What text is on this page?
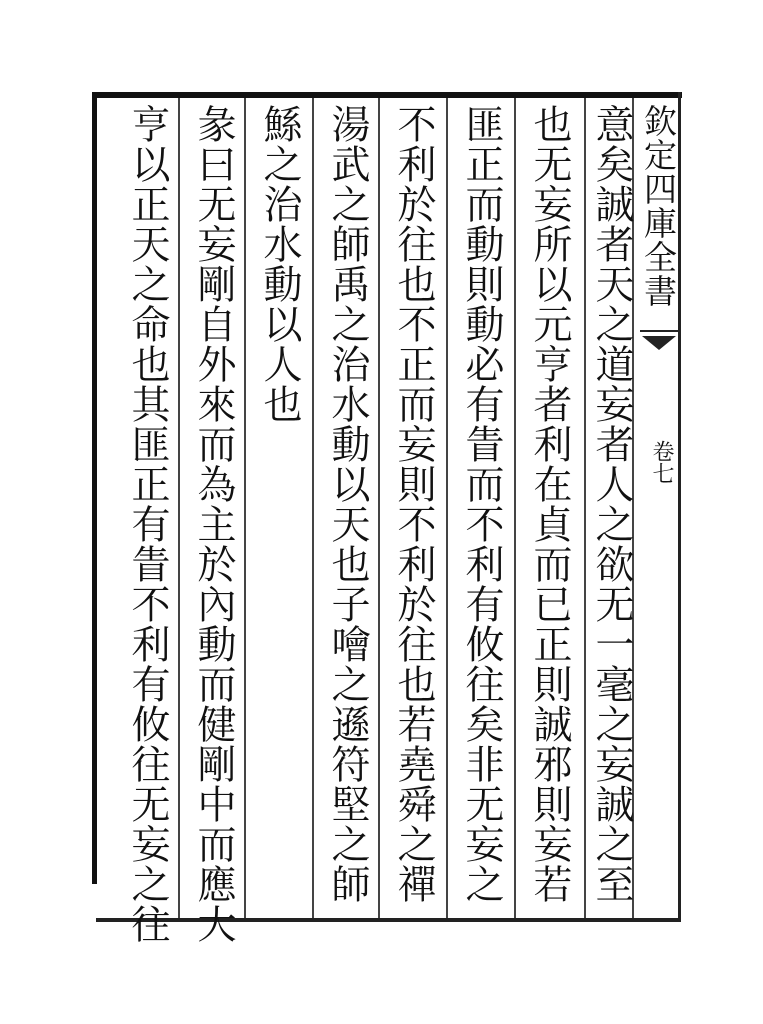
欽定四庫全書
卷七
意矣誠者天之道妄者人之欲无一毫之妄誠之至
也无妄所以元亨者利在貞而已正則誠邪則妄若
匪正而動則動必有眚而不利有攸往矣非无妄之
不利於往也不正而妄則不利於往也若堯舜之禪
湯武之師禹之治水動以天也子噲之遜符堅之師
鯀之治水動以人也
彖曰无妄剛自外來而為主於內動而健剛中而應大
亨以正天之命也其匪正有眚不利有攸往无妄之往
